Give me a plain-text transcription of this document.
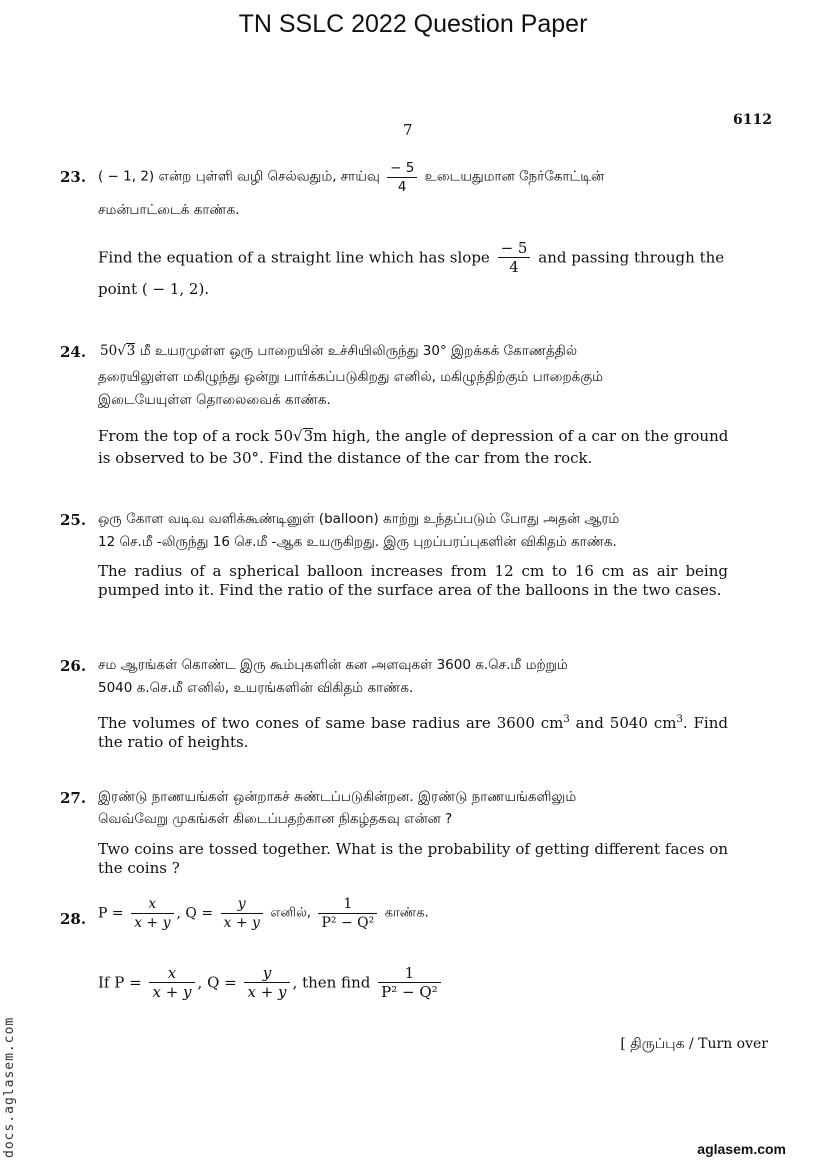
TN SSLC 2022 Question Paper
7
6112
23. ( − 1, 2) என்ற புள்ளி வழி செல்வதும், சாய்வு $\frac{- 5}{4}$ உடையதுமான நேர்கோட்டின்
சமன்பாட்டைக் காண்க.
Find the equation of a straight line which has slope $\frac{- 5}{4}$ and passing through the
point ( − 1, 2).
24. 50√3 மீ உயரமுள்ள ஒரு பாறையின் உச்சியிலிருந்து 30° இறக்கக் கோணத்தில்
தரையிலுள்ள மகிழுந்து ஒன்று பார்க்கப்படுகிறது எனில், மகிழுந்திற்கும் பாறைக்கும்
இடையேயுள்ள தொலைவைக் காண்க.
From the top of a rock 50√3m high, the angle of depression of a car on the ground
is observed to be 30°. Find the distance of the car from the rock.
25. ஒரு கோள வடிவ வளிக்கூண்டினுள் (balloon) காற்று உந்தப்படும் போது அதன் ஆரம்
12 செ.மீ -லிருந்து 16 செ.மீ -ஆக உயருகிறது. இரு புறப்பரப்புகளின் விகிதம் காண்க.
The radius of a spherical balloon increases from 12 cm to 16 cm as air being pumped into it. Find the ratio of the surface area of the balloons in the two cases.
26. சம ஆரங்கள் கொண்ட இரு கூம்புகளின் கன அளவுகள் 3600 க.செ.மீ மற்றும்
5040 க.செ.மீ எனில், உயரங்களின் விகிதம் காண்க.
The volumes of two cones of same base radius are 3600 $cm^3$ and 5040 $cm^3$. Find the ratio of heights.
27. இரண்டு நாணயங்கள் ஒன்றாகச் சுண்டப்படுகின்றன. இரண்டு நாணயங்களிலும்
வெவ்வேறு முகங்கள் கிடைப்பதற்கான நிகழ்தகவு என்ன ?
Two coins are tossed together. What is the probability of getting different faces on the coins ?
28. $P = \frac{x}{x + y}$ , $Q = \frac{y}{x + y}$ எனில், $\frac{1}{\text{P² − Q²}}$ காண்க.
If $P = \frac{x}{x + y}$ , $Q = \frac{y}{x + y}$ , then find $\frac{1}{\text{P² − Q²}}$
[ திருப்புக / Turn over
docs.aglasem.com	aglasem.com
